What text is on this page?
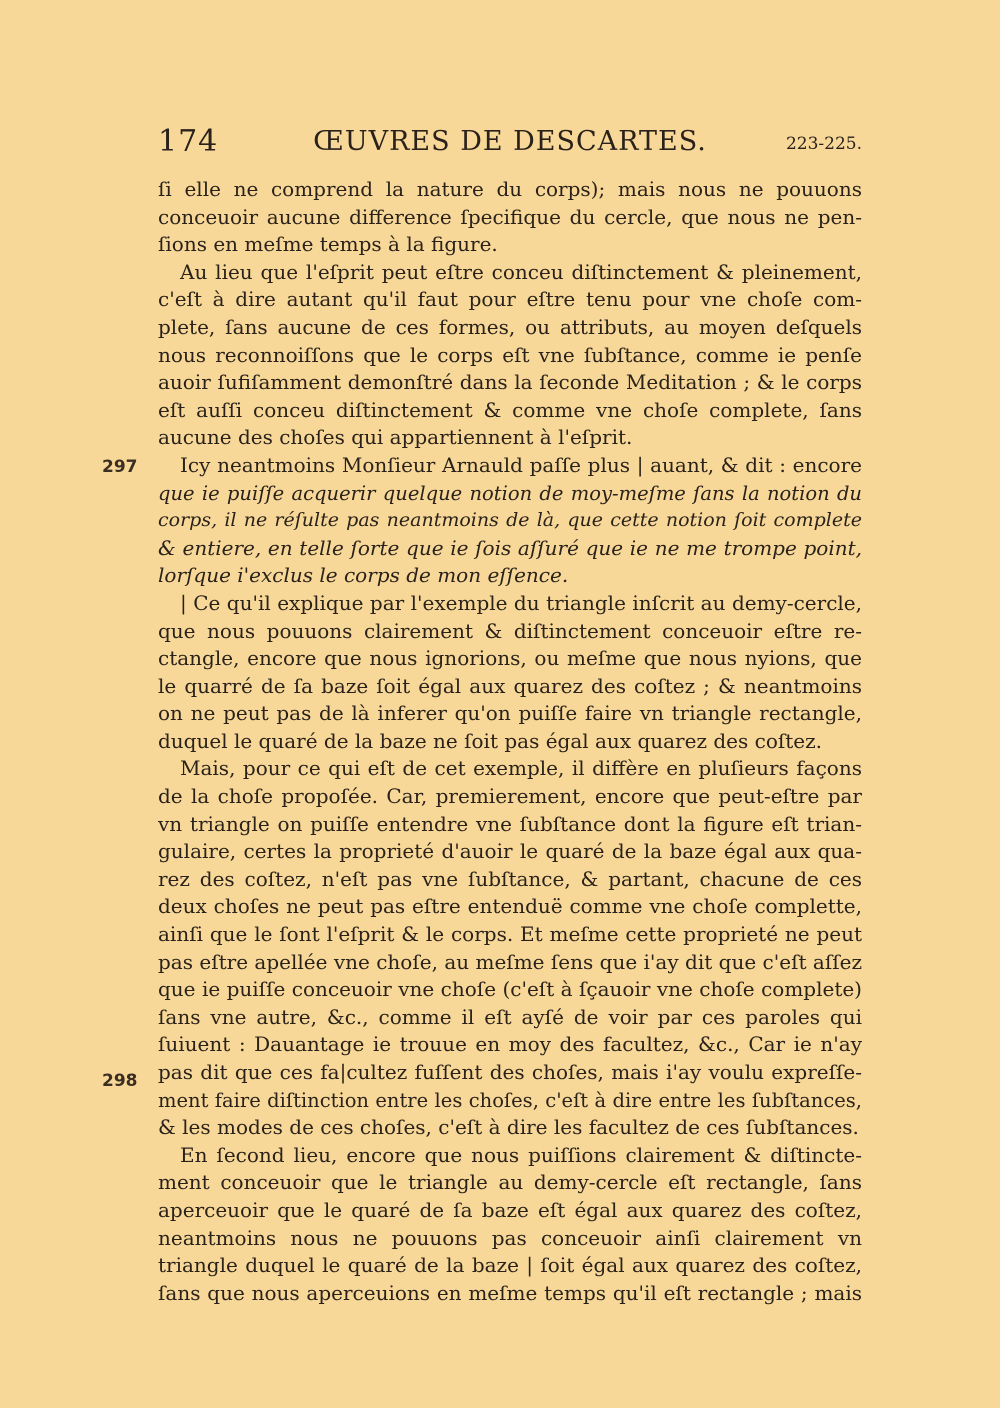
174	ŒUVRES DE DESCARTES.	223-225.
297
298
ſi elle ne comprend la nature du corps); mais nous ne pouuons
conceuoir aucune difference ſpecifique du cercle, que nous ne pen-
ſions en meſme temps à la figure.
Au lieu que l'eſprit peut eſtre conceu diſtinctement & pleinement,
c'eſt à dire autant qu'il faut pour eſtre tenu pour vne choſe com-
plete, ſans aucune de ces formes, ou attributs, au moyen deſquels
nous reconnoiſſons que le corps eſt vne ſubſtance, comme ie penſe
auoir ſufiſamment demonſtré dans la ſeconde Meditation ; & le corps
eſt auſſi conceu diſtinctement & comme vne choſe complete, ſans
aucune des choſes qui appartiennent à l'eſprit.
Icy neantmoins Monſieur Arnauld paſſe plus | auant, & dit : encore
que ie puiſſe acquerir quelque notion de moy-meſme ſans la notion du
corps, il ne réſulte pas neantmoins de là, que cette notion ſoit complete
& entiere, en telle ſorte que ie ſois aſſuré que ie ne me trompe point,
lorſque i'exclus le corps de mon eſſence.
| Ce qu'il explique par l'exemple du triangle inſcrit au demy-cercle,
que nous pouuons clairement & diſtinctement conceuoir eſtre re-
ctangle, encore que nous ignorions, ou meſme que nous nyions, que
le quarré de ſa baze ſoit égal aux quarez des coſtez ; & neantmoins
on ne peut pas de là inferer qu'on puiſſe faire vn triangle rectangle,
duquel le quaré de la baze ne ſoit pas égal aux quarez des coſtez.
Mais, pour ce qui eſt de cet exemple, il diffère en pluſieurs façons
de la choſe propoſée. Car, premierement, encore que peut-eſtre par
vn triangle on puiſſe entendre vne ſubſtance dont la figure eſt trian-
gulaire, certes la proprieté d'auoir le quaré de la baze égal aux qua-
rez des coſtez, n'eſt pas vne ſubſtance, & partant, chacune de ces
deux choſes ne peut pas eſtre entenduë comme vne choſe complette,
ainſi que le ſont l'eſprit & le corps. Et meſme cette proprieté ne peut
pas eſtre apellée vne choſe, au meſme ſens que i'ay dit que c'eſt aſſez
que ie puiſſe conceuoir vne choſe (c'eſt à ſçauoir vne choſe complete)
ſans vne autre, &c., comme il eſt ayſé de voir par ces paroles qui
ſuiuent : Dauantage ie trouue en moy des facultez, &c., Car ie n'ay
pas dit que ces fa|cultez fuſſent des choſes, mais i'ay voulu expreſſe-
ment faire diſtinction entre les choſes, c'eſt à dire entre les ſubſtances,
& les modes de ces choſes, c'eſt à dire les facultez de ces ſubſtances.
En ſecond lieu, encore que nous puiſſions clairement & diſtincte-
ment conceuoir que le triangle au demy-cercle eſt rectangle, ſans
aperceuoir que le quaré de ſa baze eſt égal aux quarez des coſtez,
neantmoins nous ne pouuons pas conceuoir ainſi clairement vn
triangle duquel le quaré de la baze | ſoit égal aux quarez des coſtez,
ſans que nous aperceuions en meſme temps qu'il eſt rectangle ; mais
